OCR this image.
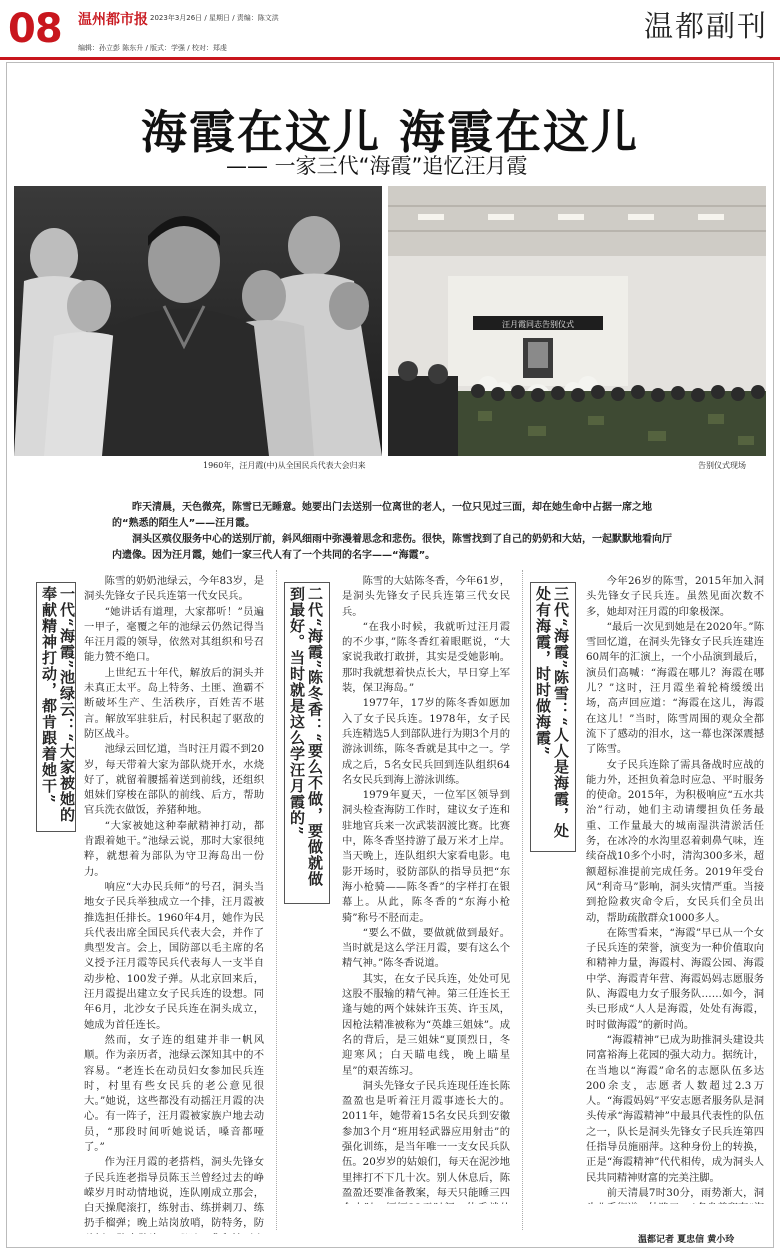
08 温州都市报 2023年3月26日 / 星期日 / 责编：陈文洪
编辑：孙立彭 陈东升 / 版式：学强 / 校对：郑虔
温都副刊
海霞在这儿 海霞在这儿
—— 一家三代“海霞”追忆汪月霞
汪月霞同志告别仪式
1960年，汪月霞(中)从全国民兵代表大会归来	告别仪式现场

昨天清晨，天色微亮，陈雪已无睡意。她要出门去送别一位离世的老人，一位只见过三面，却在她生命中占据一席之地的“熟悉的陌生人”——汪月霞。

洞头区殡仪服务中心的送别厅前，斜风细雨中弥漫着思念和悲伤。很快，陈雪找到了自己的奶奶和大姑，一起默默地看向厅内遗像。因为汪月霞，她们一家三代人有了一个共同的名字——“海霞”。

一代“海霞”池绿云：“大家被她的奉献精神打动，都肯跟着她干”

陈雪的奶奶池绿云，今年83岁，是洞头先锋女子民兵连第一代女民兵。

“她讲话有道理，大家都听！”员遍一甲子，毫覆之年的池绿云仍然记得当年汪月霞的领导，依然对其组织和号召能力赞不绝口。

上世纪五十年代，解放后的洞头并未真正太平。岛上特务、土匪、渔霸不断破坏生产、生活秩序，百姓苦不堪言。解放军驻驻后，村民积起了驱敌的防区战斗。

池绿云回忆道，当时汪月霞不到20岁，每天带着大家为部队烧开水，水烧好了，就留着腰摇着送到前线，还组织姐妹们穿梭在部队的前线、后方，帮助官兵洗衣做饭，养猪种地。

“大家被她这种奉献精神打动，都肯跟着她干。”池绿云说，那时大家很纯粹，就想着为部队为守卫海岛出一份力。

响应“大办民兵师”的号召，洞头当地女子民兵举独成立一个排，汪月霞被推选担任排长。1960年4月，她作为民兵代表出席全国民兵代表大会，并作了典型发言。会上，国防部以毛主席的名义授予汪月霞等民兵代表每人一支半自动步枪、100发子弹。从北京回来后，汪月霞提出建立女子民兵连的设想。同年6月，北沙女子民兵连在洞头成立，她成为首任连长。

然而，女子连的组建并非一帆风顺。作为亲历者，池绿云深知其中的不容易。“老连长在动员妇女参加民兵连时，村里有些女民兵的老公意见很大。”她说，这些都没有动摇汪月霞的决心。有一阵子，汪月霞被家族户地去动员，“那段时间听她说话，嗓音都哑了。”

作为汪月霞的老搭档，洞头先锋女子民兵连老指导员陈玉兰曾经过去的峥嵘岁月时动情地说，连队刚成立那会，白天操爬滚打，练射击、练拼刺刀、练扔手榴弹；晚上站岗放哨，防特务，防

二代“海霞”陈冬香：“要么不做，要做就做到最好。当时就是这么学汪月霞的”

陈雪的大姑陈冬香，今年61岁，是洞头先锋女子民兵连第三代女民兵。

“在我小时候，我就听过汪月霞的不少事，”陈冬香红着眼眶说，“大家说我敢打敢拼，其实是受她影响。那时我就想着快点长大，早日穿上军装，保卫海岛。”

1977年，17岁的陈冬香如愿加入了女子民兵连。1978年，女子民兵连精选5人到部队进行为期3个月的游泳训练，陈冬香就是其中之一。学成之后，5名女民兵回到连队组织64名女民兵到海上游泳训练。

1979年夏天，一位军区领导到洞头检查海防工作时，建议女子连和驻地官兵来一次武装泅渡比赛。比赛中，陈冬香坚持游了最万米才上岸。当天晚上，连队组织大家看电影。电影开场时，驳防部队的指导员把“东海小枪骑——陈冬香”的字样打在银幕上。从此，陈冬香的“东海小枪骑”称号不胫而走。

“要么不做，要做就做到最好。当时就是这么学汪月霞，要有这么个精气神。”陈冬香说道。

其实，在女子民兵连，处处可见这股不服输的精气神。第三任连长王逢与她的两个妹妹许玉英、许玉凤，因枪法精准被称为“英雄三姐妹”。成名的背后，是三姐妹“夏顶烈日，冬迎寒风；白天瞄电线，晚上瞄星星”的艰苦练习。

洞头先锋女子民兵连现任连长陈盈盈也是听着汪月霞事迹长大的。2011年，她带着15名女民兵到安徽参加3个月“班用轻武器应用射击”的强化训练，是当年唯一一支女民兵队伍。20岁岁的姑娘们，每天在泥沙地里摔打不下几十次。别人休息后，陈盈盈还要准备教案，每天只能睡三四

三代“海霞”陈雪：“人人是海霞，处处有海霞，时时做海霞”

今年26岁的陈雪，2015年加入洞头先锋女子民兵连。虽然见面次数不多，她却对汪月霞的印象极深。

“最后一次见到她是在2020年。”陈雪回忆道，在洞头先锋女子民兵连建连60周年的汇演上，一个小品演到最后，演员们高喊：“海霞在哪儿？海霞在哪儿？”这时，汪月霞坐着轮椅缓缓出场，高声回应道：“海霞在这儿，海霞在这儿！”当时，陈雪周围的观众全都流下了感动的泪水，这一幕也深深震撼了陈雪。

女子民兵连除了需具备战时应战的能力外，还担负着急时应急、平时服务的使命。2015年，为积极响应“五水共治”行动，她们主动请缨担负任务最重、工作量最大的城南湿洪清淤活任务，在冰冷的水沟里忍着刺鼻气味，连续奋战10多个小时，清沟300多米，超额超标准提前完成任务。2019年受台风“利奇马”影响，洞头灾情严重。当接到抢险救灾命令后，女民兵们全员出动，帮助疏散群众1000多人。

在陈雪看来，“海霞”早已从一个女子民兵连的荣誉，演变为一种价值取向和精神力量，海霞村、海霞公园、海霞中学、海霞青年营、海霞妈妈志愿服务队、海霞电力女子服务队……如今，洞头已形成“人人是海霞，处处有海霞，时时做海霞”的新时尚。

“海霞精神”已成为助推洞头建设共同富裕海上花园的强大动力。据统计，在当地以“海霞”命名的志愿队伍多达200余支，志愿者人数超过2.3万人。“海霞妈妈”平安志愿者服务队是洞头传承“海霞精神”中最具代表性的队伍之一，队长是洞头先锋女子民兵连第四任指导员施丽萍。这种身份上的转换，正是“海霞精神”代代相传，成为洞头人民共同精神财富的完美注脚。

前天清晨7时30分，雨势渐大，洞

温都记者 夏忠信 黄小玲
